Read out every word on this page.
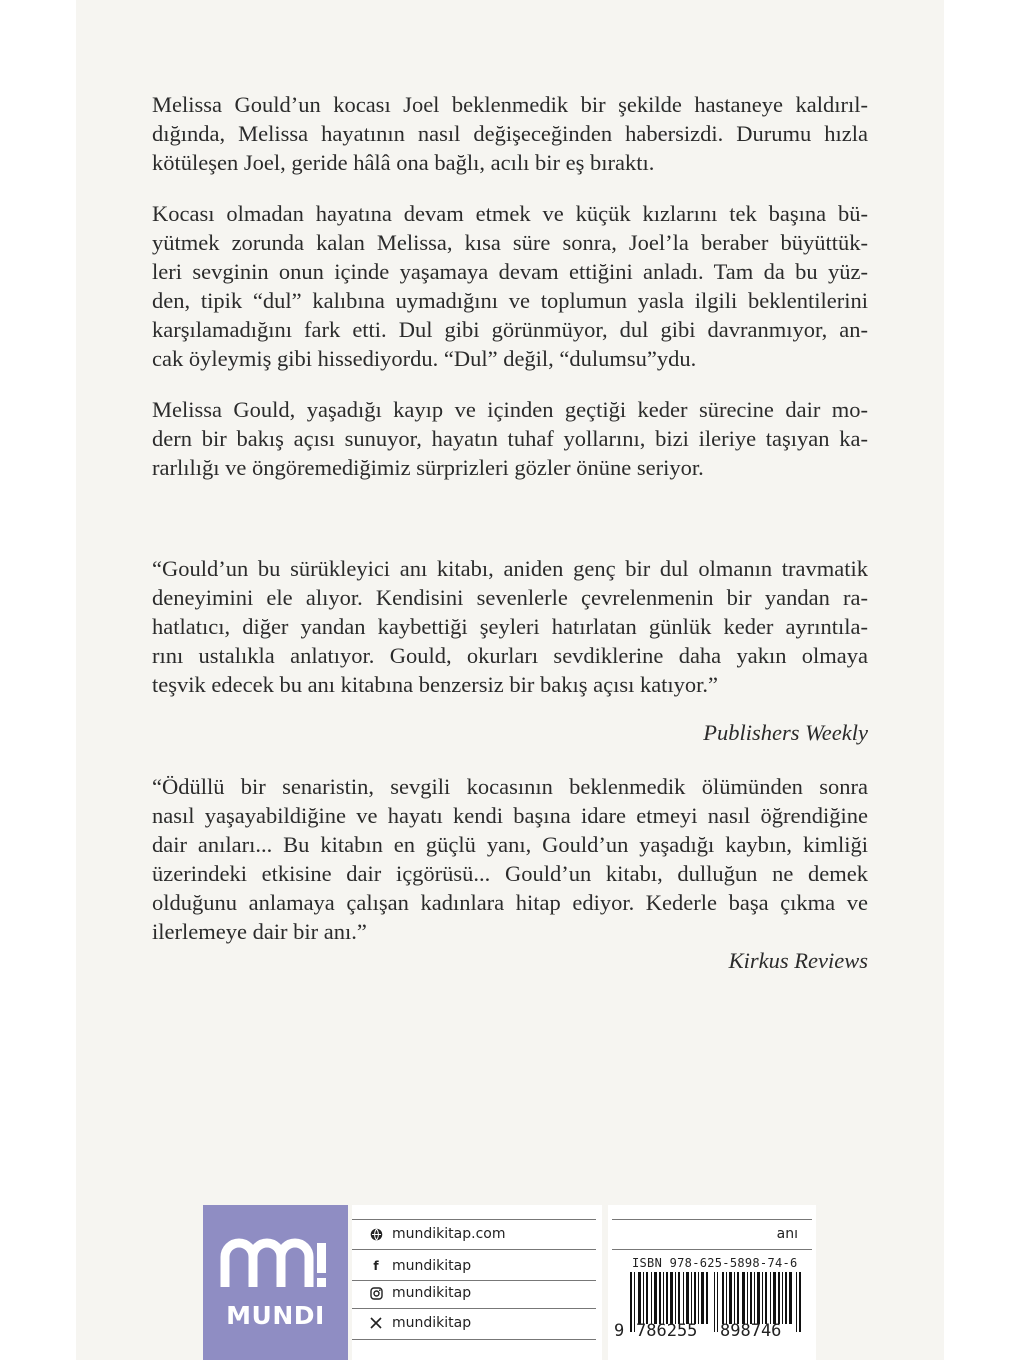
Melissa Gould’un kocası Joel beklenmedik bir şekilde hastaneye kaldırıl-
dığında, Melissa hayatının nasıl değişeceğinden habersizdi. Durumu hızla
kötüleşen Joel, geride hâlâ ona bağlı, acılı bir eş bıraktı.
Kocası olmadan hayatına devam etmek ve küçük kızlarını tek başına bü-
yütmek zorunda kalan Melissa, kısa süre sonra, Joel’la beraber büyüttük-
leri sevginin onun içinde yaşamaya devam ettiğini anladı. Tam da bu yüz-
den, tipik “dul” kalıbına uymadığını ve toplumun yasla ilgili beklentilerini
karşılamadığını fark etti. Dul gibi görünmüyor, dul gibi davranmıyor, an-
cak öyleymiş gibi hissediyordu. “Dul” değil, “dulumsu”ydu.
Melissa Gould, yaşadığı kayıp ve içinden geçtiği keder sürecine dair mo-
dern bir bakış açısı sunuyor, hayatın tuhaf yollarını, bizi ileriye taşıyan ka-
rarlılığı ve öngöremediğimiz sürprizleri gözler önüne seriyor.
“Gould’un bu sürükleyici anı kitabı, aniden genç bir dul olmanın travmatik
deneyimini ele alıyor. Kendisini sevenlerle çevrelenmenin bir yandan ra-
hatlatıcı, diğer yandan kaybettiği şeyleri hatırlatan günlük keder ayrıntıla-
rını ustalıkla anlatıyor. Gould, okurları sevdiklerine daha yakın olmaya
teşvik edecek bu anı kitabına benzersiz bir bakış açısı katıyor.”
Publishers Weekly
“Ödüllü bir senaristin, sevgili kocasının beklenmedik ölümünden sonra
nasıl yaşayabildiğine ve hayatı kendi başına idare etmeyi nasıl öğrendiğine
dair anıları... Bu kitabın en güçlü yanı, Gould’un yaşadığı kaybın, kimliği
üzerindeki etkisine dair içgörüsü... Gould’un kitabı, dulluğun ne demek
olduğunu anlamaya çalışan kadınlara hitap ediyor. Kederle başa çıkma ve
ilerlemeye dair bir anı.”
Kirkus Reviews
MUNDI
mundikitap.com
f mundikitap
mundikitap
mundikitap
anı
ISBN 978-625-5898-74-6
9 786255 898746
